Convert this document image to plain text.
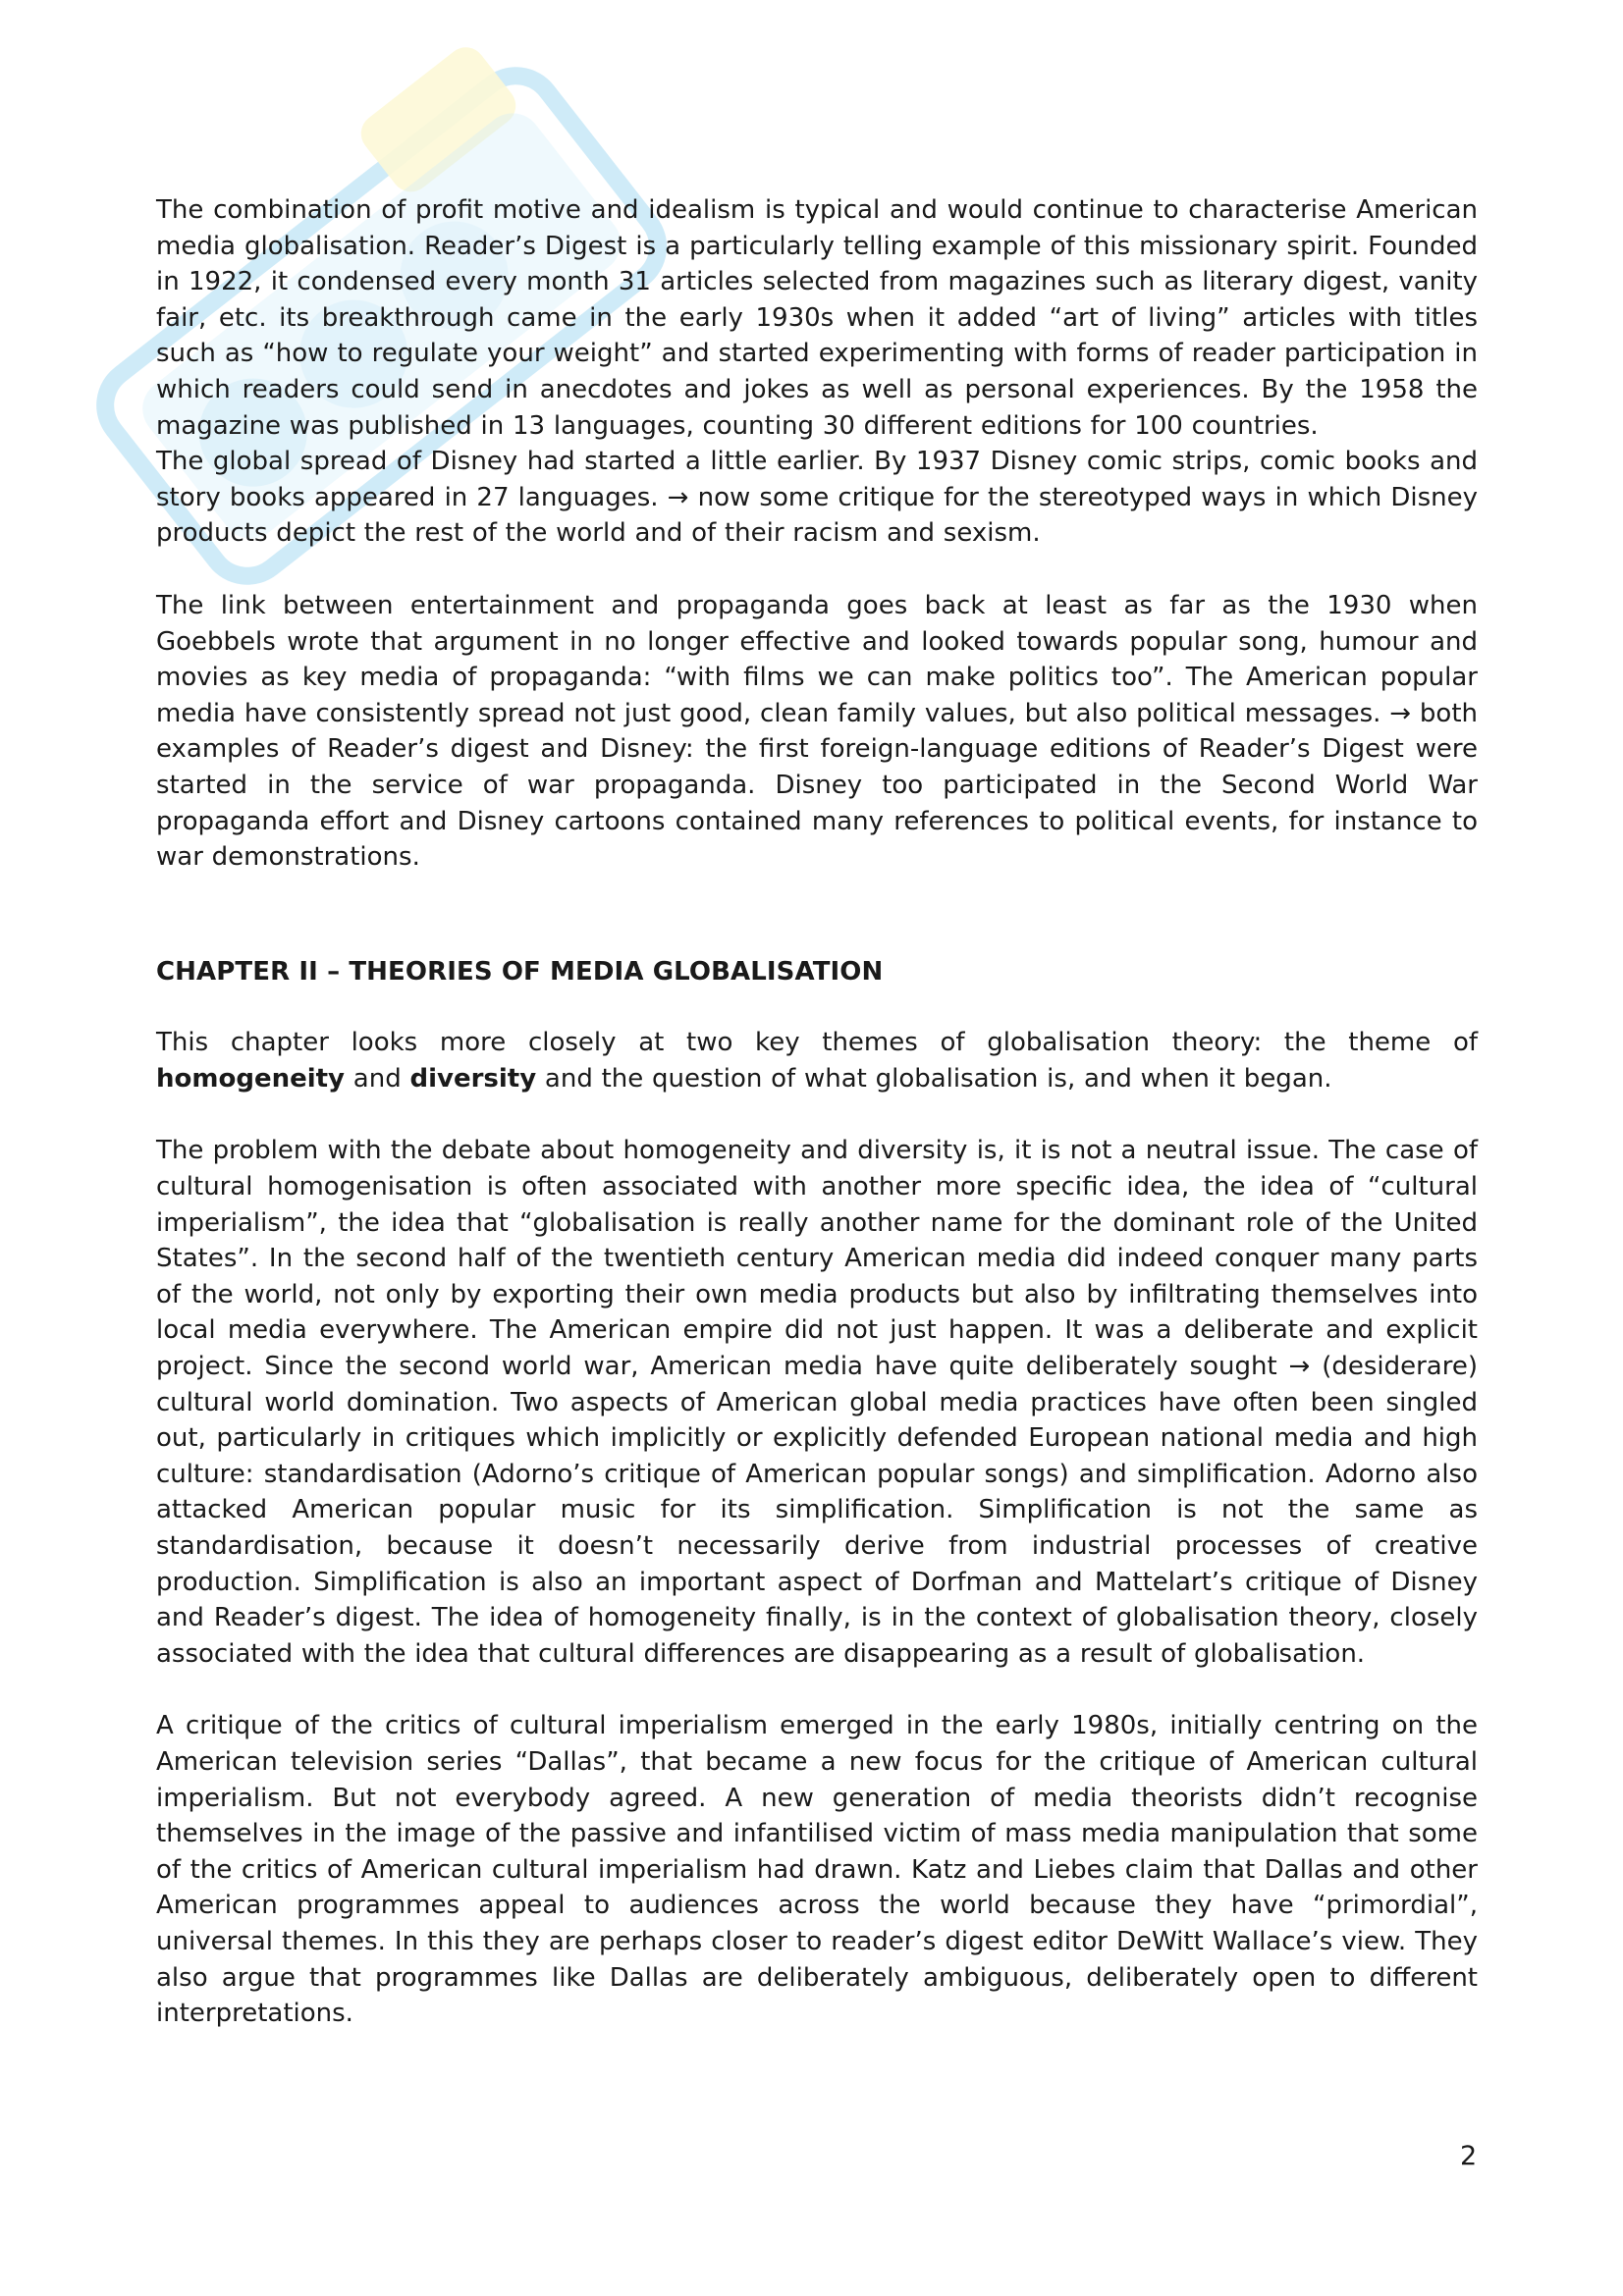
The combination of profit motive and idealism is typical and would continue to characterise American media globalisation. Reader’s Digest is a particularly telling example of this missionary spirit. Founded in 1922, it condensed every month 31 articles selected from magazines such as literary digest, vanity fair, etc. its breakthrough came in the early 1930s when it added “art of living” articles with titles such as “how to regulate your weight” and started experimenting with forms of reader participation in which readers could send in anecdotes and jokes as well as personal experiences. By the 1958 the magazine was published in 13 languages, counting 30 different editions for 100 countries.

The global spread of Disney had started a little earlier. By 1937 Disney comic strips, comic books and story books appeared in 27 languages. → now some critique for the stereotyped ways in which Disney products depict the rest of the world and of their racism and sexism.

The link between entertainment and propaganda goes back at least as far as the 1930 when Goebbels wrote that argument in no longer effective and looked towards popular song, humour and movies as key media of propaganda: “with films we can make politics too”. The American popular media have consistently spread not just good, clean family values, but also political messages. → both examples of Reader’s digest and Disney: the first foreign-language editions of Reader’s Digest were started in the service of war propaganda. Disney too participated in the Second World War propaganda effort and Disney cartoons contained many references to political events, for instance to war demonstrations.

CHAPTER II – THEORIES OF MEDIA GLOBALISATION

This chapter looks more closely at two key themes of globalisation theory: the theme of homogeneity and diversity and the question of what globalisation is, and when it began.

The problem with the debate about homogeneity and diversity is, it is not a neutral issue. The case of cultural homogenisation is often associated with another more specific idea, the idea of “cultural imperialism”, the idea that “globalisation is really another name for the dominant role of the United States”. In the second half of the twentieth century American media did indeed conquer many parts of the world, not only by exporting their own media products but also by infiltrating themselves into local media everywhere. The American empire did not just happen. It was a deliberate and explicit project. Since the second world war, American media have quite deliberately sought → (desiderare) cultural world domination. Two aspects of American global media practices have often been singled out, particularly in critiques which implicitly or explicitly defended European national media and high culture: standardisation (Adorno’s critique of American popular songs) and simplification. Adorno also attacked American popular music for its simplification. Simplification is not the same as standardisation, because it doesn’t necessarily derive from industrial processes of creative production. Simplification is also an important aspect of Dorfman and Mattelart’s critique of Disney and Reader’s digest. The idea of homogeneity finally, is in the context of globalisation theory, closely associated with the idea that cultural differences are disappearing as a result of globalisation.

A critique of the critics of cultural imperialism emerged in the early 1980s, initially centring on the American television series “Dallas”, that became a new focus for the critique of American cultural imperialism. But not everybody agreed. A new generation of media theorists didn’t recognise themselves in the image of the passive and infantilised victim of mass media manipulation that some of the critics of American cultural imperialism had drawn. Katz and Liebes claim that Dallas and other American programmes appeal to audiences across the world because they have “primordial”, universal themes. In this they are perhaps closer to reader’s digest editor DeWitt Wallace’s view. They also argue that programmes like Dallas are deliberately ambiguous, deliberately open to different interpretations.

2
